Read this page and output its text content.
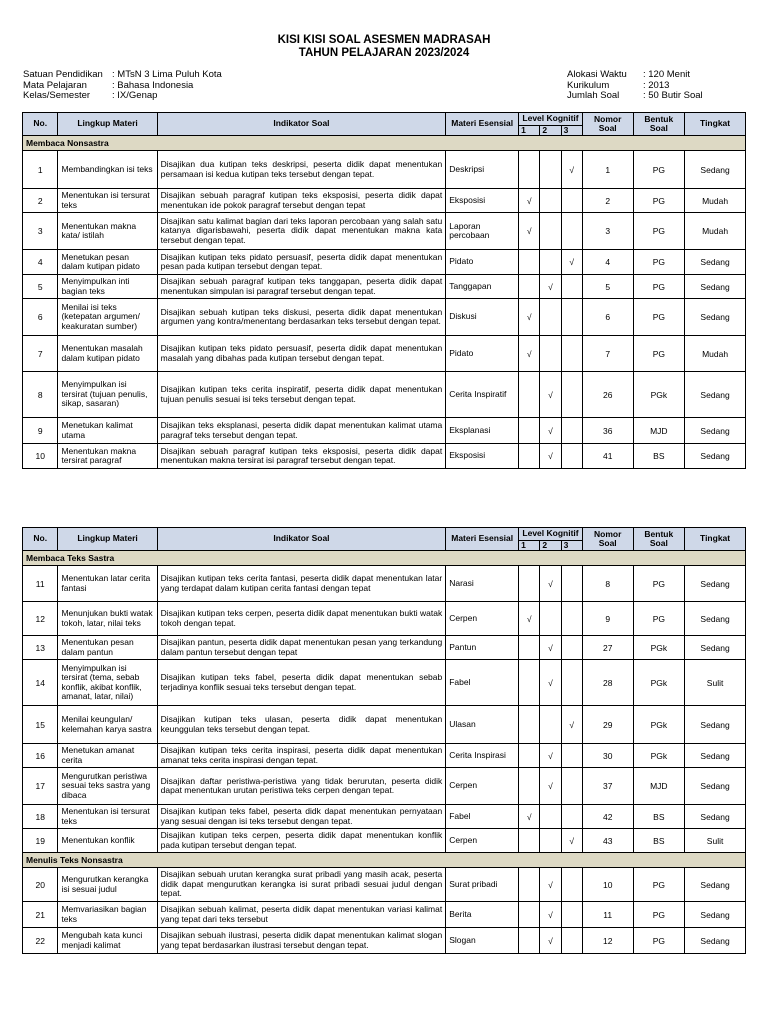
KISI KISI SOAL ASESMEN MADRASAH
TAHUN PELAJARAN 2023/2024
Satuan Pendidikan : MTsN 3 Lima Puluh Kota
Mata Pelajaran	: Bahasa Indonesia
Kelas/Semester	: IX/Genap
Alokasi Waktu	: 120 Menit
Kurikulum	: 2013
Jumlah Soal	: 50 Butir Soal
No.	Lingkup Materi	Indikator Soal	Materi Esensial	Level Kognitif			Nomor Soal	Bentuk Soal	Tingkat
				1	2	3			
Membaca Nonsastra									
1	Membandingkan isi teks	Disajikan dua kutipan teks deskripsi, peserta didik dapat menentukan persamaan isi kedua kutipan teks tersebut dengan tepat.	Deskripsi			√	1	PG	Sedang
2	Menentukan isi tersurat teks	Disajikan sebuah paragraf kutipan teks eksposisi, peserta didik dapat menentukan ide pokok paragraf tersebut dengan tepat	Eksposisi	√			2	PG	Mudah
3	Menentukan makna kata/ istilah	Disajikan satu kalimat bagian dari teks laporan percobaan yang salah satu katanya digarisbawahi, peserta didik dapat menentukan makna kata tersebut dengan tepat.	Laporan percobaan	√			3	PG	Mudah
4	Menetukan pesan dalam kutipan pidato	Disajikan kutipan teks pidato persuasif, peserta didik dapat menentukan pesan pada kutipan tersebut dengan tepat.	Pidato			√	4	PG	Sedang
5	Menyimpulkan inti bagian teks	Disajikan sebuah paragraf kutipan teks tanggapan, peserta didik dapat menentukan simpulan isi paragraf tersebut dengan tepat.	Tanggapan		√		5	PG	Sedang
6	Menilai isi teks (ketepatan argumen/ keakuratan sumber)	Disajikan sebuah kutipan teks diskusi, peserta didik dapat menentukan argumen yang kontra/menentang berdasarkan teks tersebut dengan tepat.	Diskusi	√			6	PG	Sedang
7	Menentukan masalah dalam kutipan pidato	Disajikan kutipan teks pidato persuasif, peserta didik dapat menentukan masalah yang dibahas pada kutipan tersebut dengan tepat.	Pidato	√			7	PG	Mudah
8	Menyimpulkan isi tersirat (tujuan penulis, sikap, sasaran)	Disajikan kutipan teks cerita inspiratif, peserta didik dapat menentukan tujuan penulis sesuai isi teks tersebut dengan tepat.	Cerita Inspiratif		√		26	PGk	Sedang
9	Menetukan kalimat utama	Disajikan teks eksplanasi, peserta didik dapat menentukan kalimat utama paragraf teks tersebut dengan tepat.	Eksplanasi		√		36	MJD	Sedang
10	Menentukan makna tersirat paragraf	Disajikan sebuah paragraf kutipan teks eksposisi, peserta didik dapat menentukan makna tersirat isi paragraf tersebut dengan tepat.	Eksposisi		√		41	BS	Sedang
No.	Lingkup Materi	Indikator Soal	Materi Esensial	Level Kognitif			Nomor Soal	Bentuk Soal	Tingkat
				1	2	3			
Membaca Teks Sastra									
11	Menentukan latar cerita fantasi	Disajikan kutipan teks cerita fantasi, peserta didik dapat menentukan latar yang terdapat dalam kutipan cerita fantasi dengan tepat	Narasi		√		8	PG	Sedang
12	Menunjukan bukti watak tokoh, latar, nilai teks	Disajikan kutipan teks cerpen, peserta didik dapat menentukan bukti watak tokoh dengan tepat.	Cerpen	√			9	PG	Sedang
13	Menentukan pesan dalam pantun	Disajikan pantun, peserta didik dapat menentukan pesan yang terkandung dalam pantun tersebut dengan tepat	Pantun		√		27	PGk	Sedang
14	Menyimpulkan isi tersirat (tema, sebab konflik, akibat konflik, amanat, latar, nilai)	Disajikan kutipan teks fabel, peserta didik dapat menentukan sebab terjadinya konflik sesuai teks tersebut dengan tepat.	Fabel		√		28	PGk	Sulit
15	Menilai keungulan/ kelemahan karya sastra	Disajikan kutipan teks ulasan, peserta didik dapat menentukan keunggulan teks tersebut dengan tepat.	Ulasan			√	29	PGk	Sedang
16	Menetukan amanat cerita	Disajikan kutipan teks cerita inspirasi, peserta didik dapat menentukan amanat teks cerita inspirasi dengan tepat.	Cerita Inspirasi		√		30	PGk	Sedang
17	Mengurutkan peristiwa sesuai teks sastra yang dibaca	Disajikan daftar peristiwa-peristiwa yang tidak berurutan, peserta didik dapat menentukan urutan peristiwa teks cerpen dengan tepat.	Cerpen		√		37	MJD	Sedang
18	Menentukan isi tersurat teks	Disajikan kutipan teks fabel, peserta didk dapat menentukan pernyataan yang sesuai dengan isi teks tersebut dengan tepat.	Fabel	√			42	BS	Sedang
19	Menentukan konflik	Disajikan kutipan teks cerpen, peserta didik dapat menentukan konflik pada kutipan tersebut dengan tepat.	Cerpen			√	43	BS	Sulit
Menulis Teks Nonsastra									
20	Mengurutkan kerangka isi sesuai judul	Disajikan sebuah urutan kerangka surat pribadi yang masih acak, peserta didik dapat mengurutkan kerangka isi surat pribadi sesuai judul dengan tepat.	Surat pribadi		√		10	PG	Sedang
21	Memvariasikan bagian teks	Disajikan sebuah kalimat, peserta didik dapat menentukan variasi kalimat yang tepat dari teks tersebut	Berita		√		11	PG	Sedang
22	Mengubah kata kunci menjadi kalimat	Disajikan sebuah ilustrasi, peserta didik dapat menentukan kalimat slogan yang tepat berdasarkan ilustrasi tersebut dengan tepat.	Slogan		√		12	PG	Sedang
